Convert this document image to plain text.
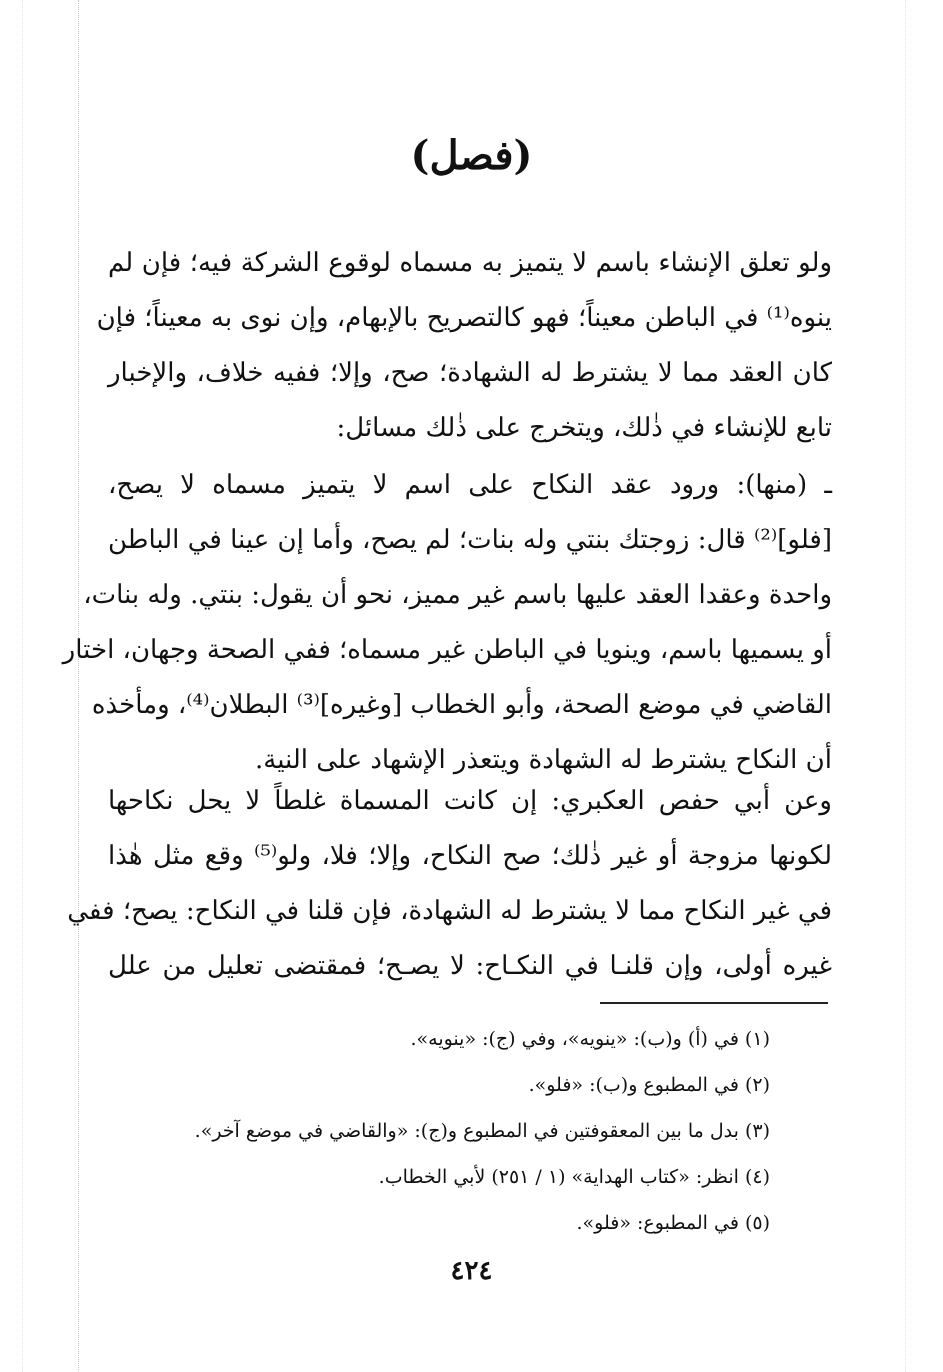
(فصل)
ولو تعلق الإنشاء باسم لا يتميز به مسماه لوقوع الشركة فيه؛ فإن لم
ينوه⁽¹⁾ في الباطن معيناً؛ فهو كالتصريح بالإبهام، وإن نوى به معيناً؛ فإن
كان العقد مما لا يشترط له الشهادة؛ صح، وإلا؛ ففيه خلاف، والإخبار
تابع للإنشاء في ذٰلك، ويتخرج على ذٰلك مسائل:
ـ (منها): ورود عقد النكاح على اسم لا يتميز مسماه لا يصح،
[فلو]⁽²⁾ قال: زوجتك بنتي وله بنات؛ لم يصح، وأما إن عينا في الباطن
واحدة وعقدا العقد عليها باسم غير مميز، نحو أن يقول: بنتي. وله بنات،
أو يسميها باسم، وينويا في الباطن غير مسماه؛ ففي الصحة وجهان، اختار
القاضي في موضع الصحة، وأبو الخطاب [وغيره]⁽³⁾ البطلان⁽⁴⁾، ومأخذه
أن النكاح يشترط له الشهادة ويتعذر الإشهاد على النية.
وعن أبي حفص العكبري: إن كانت المسماة غلطاً لا يحل نكاحها
لكونها مزوجة أو غير ذٰلك؛ صح النكاح، وإلا؛ فلا، ولو⁽⁵⁾ وقع مثل هٰذا
في غير النكاح مما لا يشترط له الشهادة، فإن قلنا في النكاح: يصح؛ ففي
غيره أولى، وإن قلنـا في النكـاح: لا يصـح؛ فمقتضى تعليل من علل
(١) في (أ) و(ب): «ينويه»، وفي (ج): «ينويه».
(٢) في المطبوع و(ب): «فلو».
(٣) بدل ما بين المعقوفتين في المطبوع و(ج): «والقاضي في موضع آخر».
(٤) انظر: «كتاب الهداية» (١ / ٢٥١) لأبي الخطاب.
(٥) في المطبوع: «فلو».
٤٢٤
